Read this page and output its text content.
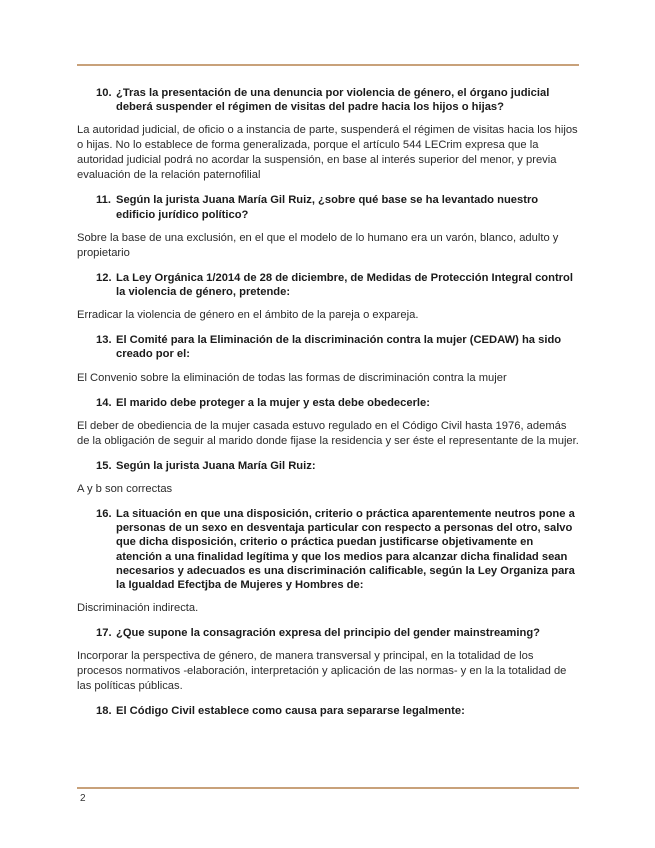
10. ¿Tras la presentación de una denuncia por violencia de género, el órgano judicial deberá suspender el régimen de visitas del padre hacia los hijos o hijas?
La autoridad judicial, de oficio o a instancia de parte, suspenderá el régimen de visitas hacia los hijos o hijas. No lo establece de forma generalizada, porque el artículo 544 LECrim expresa que la autoridad judicial podrá no acordar la suspensión, en base al interés superior del menor, y previa evaluación de la relación paternofilial
11. Según la jurista Juana María Gil Ruiz, ¿sobre qué base se ha levantado nuestro edificio jurídico político?
Sobre la base de una exclusión, en el que el modelo de lo humano era un varón, blanco, adulto y propietario
12. La Ley Orgánica 1/2014 de 28 de diciembre, de Medidas de Protección Integral control la violencia de género, pretende:
Erradicar la violencia de género en el ámbito de la pareja o expareja.
13. El Comité para la Eliminación de la discriminación contra la mujer (CEDAW) ha sido creado por el:
El Convenio sobre la eliminación de todas las formas de discriminación contra la mujer
14. El marido debe proteger a la mujer y esta debe obedecerle:
El deber de obediencia de la mujer casada estuvo regulado en el Código Civil hasta 1976, además de la obligación de seguir al marido donde fijase la residencia y ser éste el representante de la mujer.
15. Según la jurista Juana María Gil Ruiz:
A y b son correctas
16. La situación en que una disposición, criterio o práctica aparentemente neutros pone a personas de un sexo en desventaja particular con respecto a personas del otro, salvo que dicha disposición, criterio o práctica puedan justificarse objetivamente en atención a una finalidad legítima y que los medios para alcanzar dicha finalidad sean necesarios y adecuados es una discriminación calificable, según la Ley Organiza para la Igualdad Efectjba de Mujeres y Hombres de:
Discriminación indirecta.
17. ¿Que supone la consagración expresa del principio del gender mainstreaming?
Incorporar la perspectiva de género, de manera transversal y principal, en la totalidad de los procesos normativos -elaboración, interpretación y aplicación de las normas- y en la la totalidad de las políticas públicas.
18. El Código Civil establece como causa para separarse legalmente:
2
